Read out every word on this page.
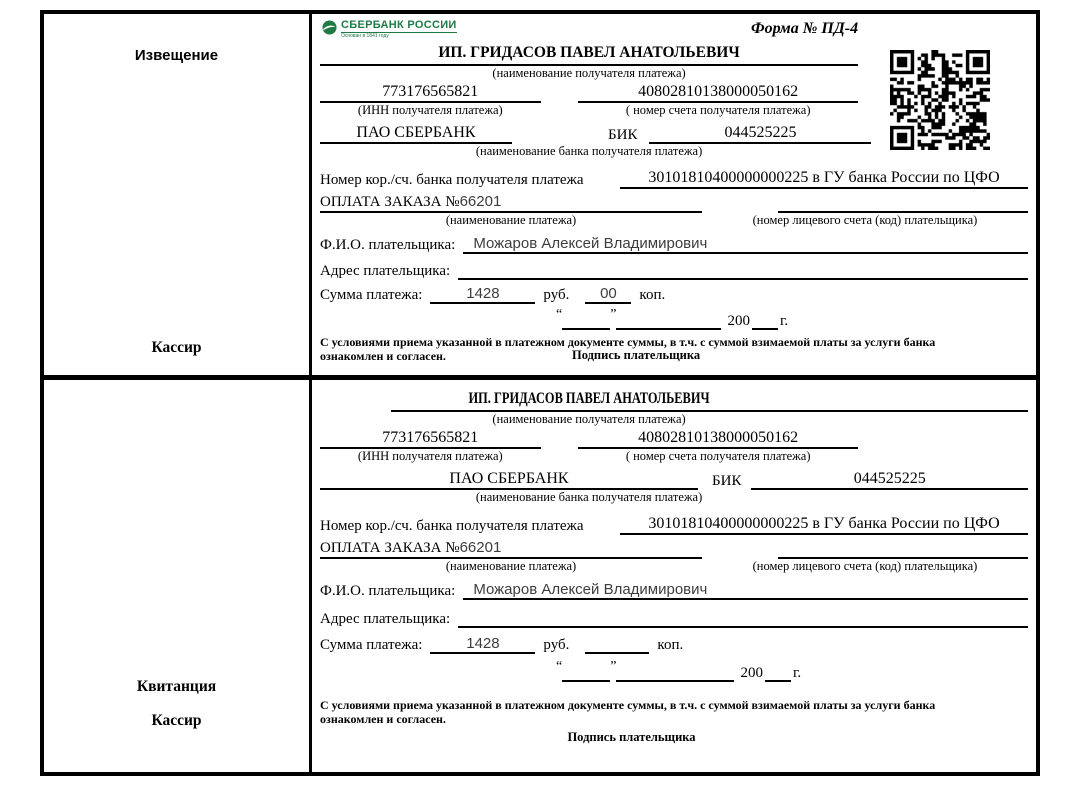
Извещение
Кассир
СБЕРБАНК РОССИИ
Основан в 1841 году	Форма № ПД-4
ИП. ГРИДАСОВ ПАВЕЛ АНАТОЛЬЕВИЧ
(наименование получателя платежа)
773176565821	40802810138000050162
(ИНН получателя платежа)	( номер счета получателя платежа)
ПАО СБЕРБАНК	БИК	044525225
(наименование банка получателя платежа)
Номер кор./сч. банка получателя платежа	30101810400000000225 в ГУ банка России по ЦФО
ОПЛАТА ЗАКАЗА №66201
(наименование платежа)	(номер лицевого счета (код) плательщика)
Ф.И.О. плательщика:	Можаров Алексей Владимирович
Адрес плательщика:
Сумма платежа:	1428	руб.	00	коп.
“	”	200 г.
С условиями приема указанной в платежном документе суммы, в т.ч. с суммой взимаемой платы за услуги банка ознакомлен и согласен.	Подпись плательщика
Квитанция
Кассир
ИП. ГРИДАСОВ ПАВЕЛ АНАТОЛЬЕВИЧ
(наименование получателя платежа)
773176565821	40802810138000050162
(ИНН получателя платежа)	( номер счета получателя платежа)
ПАО СБЕРБАНК	БИК	044525225
(наименование банка получателя платежа)
Номер кор./сч. банка получателя платежа	30101810400000000225 в ГУ банка России по ЦФО
ОПЛАТА ЗАКАЗА №66201
(наименование платежа)	(номер лицевого счета (код) плательщика)
Ф.И.О. плательщика:	Можаров Алексей Владимирович
Адрес плательщика:
Сумма платежа:	1428	руб.	коп.
“	”	200 г.
С условиями приема указанной в платежном документе суммы, в т.ч. с суммой взимаемой платы за услуги банка ознакомлен и согласен.
Подпись плательщика
